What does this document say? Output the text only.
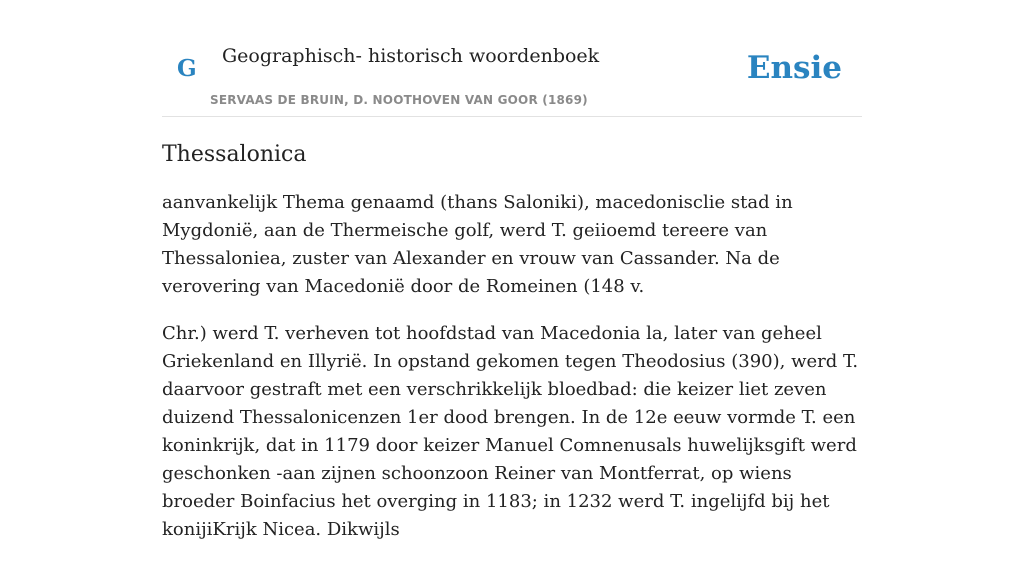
G Geographisch- historisch woordenboek
SERVAAS DE BRUIN, D. NOOTHOVEN VAN GOOR (1869)
Ensie
Thessalonica

aanvankelijk Thema genaamd (thans Saloniki), macedonisclie stad in Mygdonië, aan de Thermeische golf, werd T. geiioemd tereere van Thessaloniea, zuster van Alexander en vrouw van Cassander. Na de verovering van Macedonië door de Romeinen (148 v.

Chr.) werd T. verheven tot hoofdstad van Macedonia la, later van geheel Griekenland en Illyrië. In opstand gekomen tegen Theodosius (390), werd T. daarvoor gestraft met een verschrikkelijk bloedbad: die keizer liet zeven duizend Thessalonicenzen 1er dood brengen. In de 12e eeuw vormde T. een koninkrijk, dat in 1179 door keizer Manuel Comnenusals huwelijksgift werd geschonken -aan zijnen schoonzoon Reiner van Montferrat, op wiens broeder Boinfacius het overging in 1183; in 1232 werd T. ingelijfd bij het konijiKrijk Nicea. Dikwijls
